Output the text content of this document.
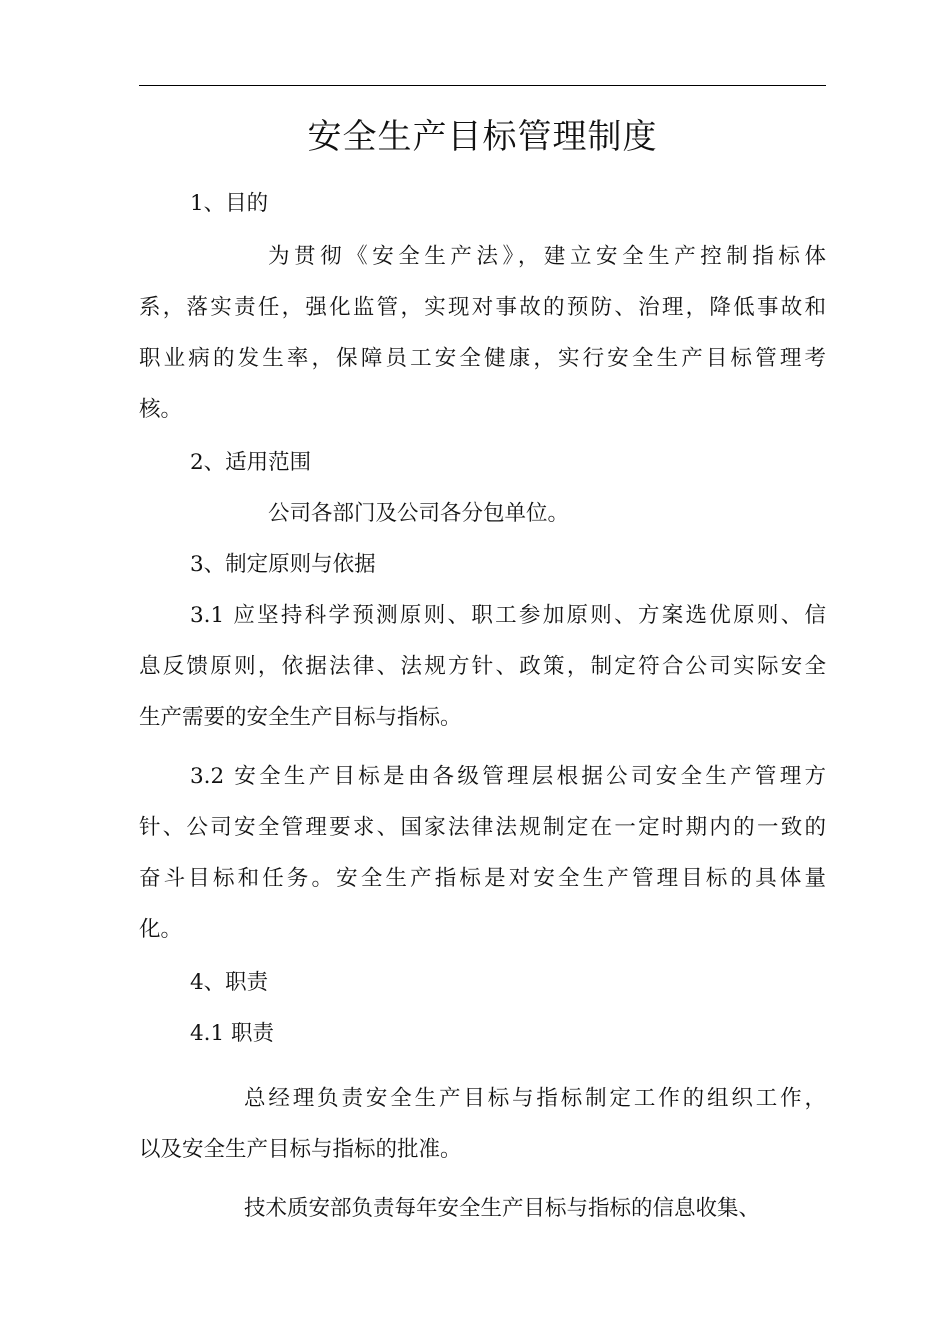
安全生产目标管理制度
1、目的
为贯彻《安全生产法》，建立安全生产控制指标体
系，落实责任，强化监管，实现对事故的预防、治理，降低事故和
职业病的发生率，保障员工安全健康，实行安全生产目标管理考
核。
2、适用范围
公司各部门及公司各分包单位。
3、制定原则与依据
3.1 应坚持科学预测原则、职工参加原则、方案选优原则、信
息反馈原则，依据法律、法规方针、政策，制定符合公司实际安全
生产需要的安全生产目标与指标。
3.2 安全生产目标是由各级管理层根据公司安全生产管理方
针、公司安全管理要求、国家法律法规制定在一定时期内的一致的
奋斗目标和任务。安全生产指标是对安全生产管理目标的具体量
化。
4、职责
4.1 职责
总经理负责安全生产目标与指标制定工作的组织工作，
以及安全生产目标与指标的批准。
技术质安部负责每年安全生产目标与指标的信息收集、
